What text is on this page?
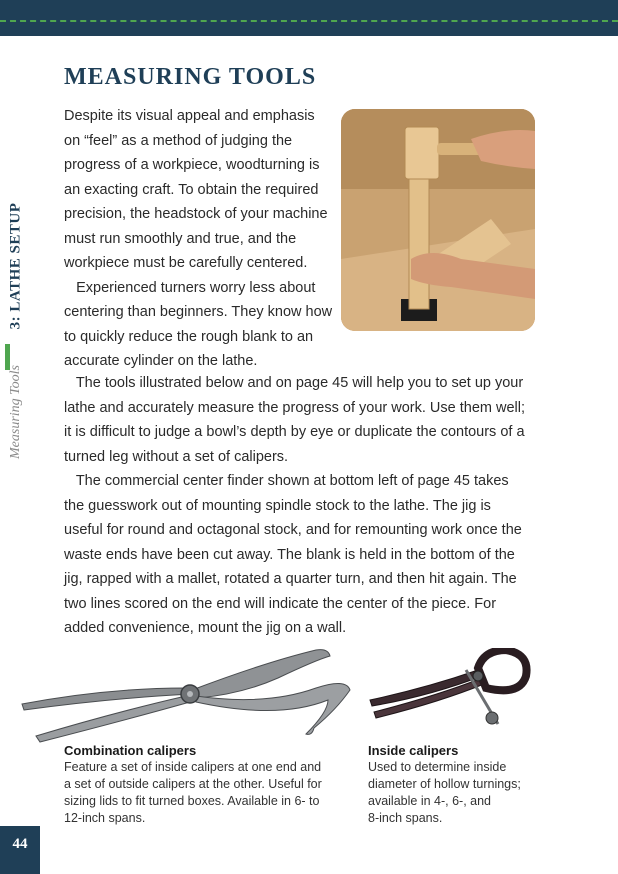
3: LATHE SETUP
Measuring Tools
MEASURING TOOLS
Despite its visual appeal and emphasis
on “feel” as a method of judging the
progress of a workpiece, woodturning is
an exacting craft. To obtain the required
precision, the headstock of your machine
must run smoothly and true, and the
workpiece must be carefully centered.
Experienced turners worry less about
centering than beginners. They know how
to quickly reduce the rough blank to an
accurate cylinder on the lathe.
The tools illustrated below and on page 45 will help you to set up your
lathe and accurately measure the progress of your work. Use them well;
it is difficult to judge a bowl’s depth by eye or duplicate the contours of a
turned leg without a set of calipers.
The commercial center finder shown at bottom left of page 45 takes
the guesswork out of mounting spindle stock to the lathe. The jig is
useful for round and octagonal stock, and for remounting work once the
waste ends have been cut away. The blank is held in the bottom of the
jig, rapped with a mallet, rotated a quarter turn, and then hit again. The
two lines scored on the end will indicate the center of the piece. For
added convenience, mount the jig on a wall.
Combination calipers
Feature a set of inside calipers at one end and
a set of outside calipers at the other. Useful for
sizing lids to fit turned boxes. Available in 6- to
12-inch spans.
Inside calipers
Used to determine inside
diameter of hollow turnings;
available in 4-, 6-, and
8-inch spans.
44
